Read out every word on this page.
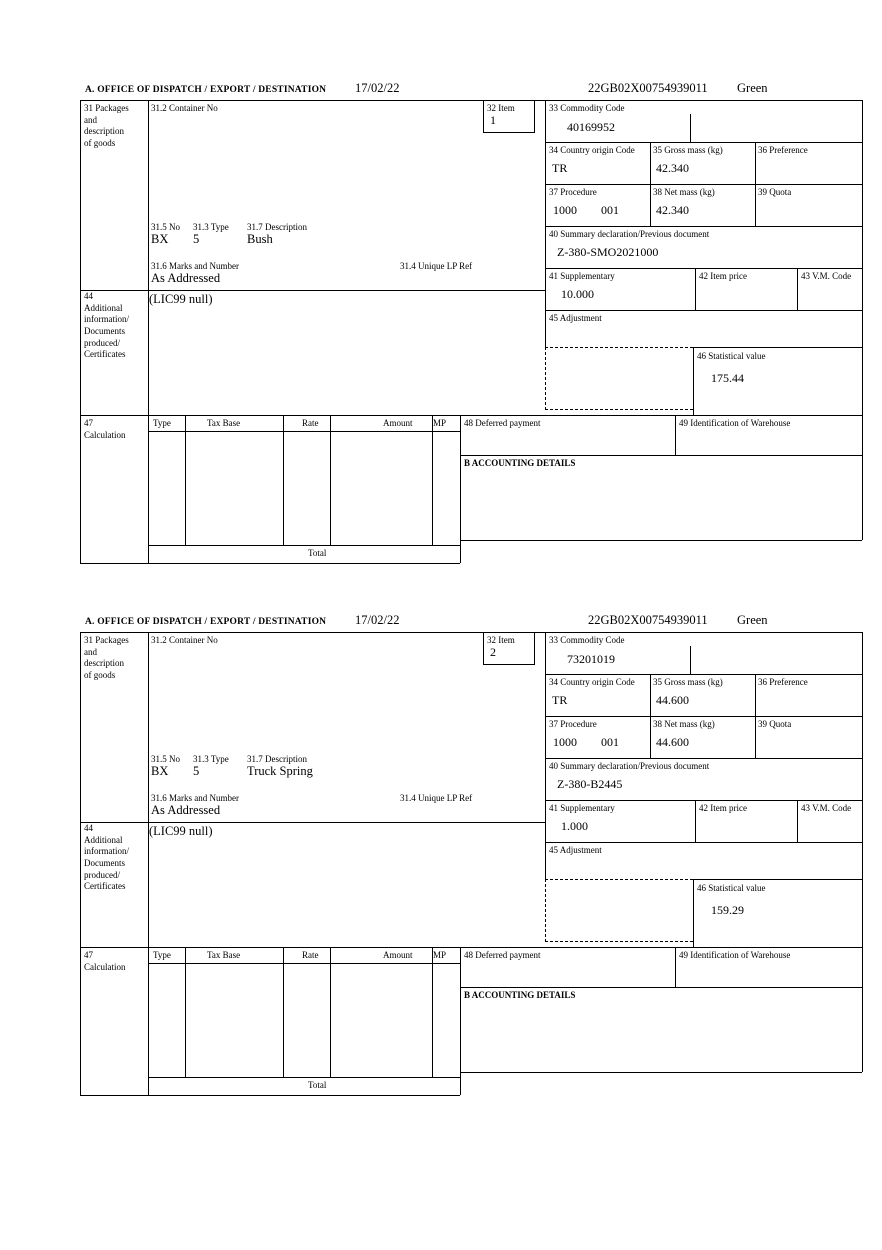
A. OFFICE OF DISPATCH / EXPORT / DESTINATION 17/02/22	22GB02X00754939011 Green
31 Packages
and
description
of goods
31.2 Container No	32 Item
1
31.5 No 31.3 Type 31.7 Description
BX 5	Bush
31.6 Marks and Number	31.4 Unique LP Ref
As Addressed
33 Commodity Code
40169952
34 Country origin Code
TR
35 Gross mass (kg)
42.340
36 Preference
37 Procedure
1000 001
38 Net mass (kg)
42.340
39 Quota
40 Summary declaration/Previous document
Z-380-SMO2021000
41 Supplementary
10.000
42 Item price	43 V.M. Code
45 Adjustment
46 Statistical value
175.44
44
Additional
information/
Documents
produced/
Certificates
(LIC99 null)
47
Calculation
Type	Tax Base	Rate	Amount MP
Total
48 Deferred payment	49 Identification of Warehouse
B ACCOUNTING DETAILS
A. OFFICE OF DISPATCH / EXPORT / DESTINATION 17/02/22	22GB02X00754939011 Green
31 Packages
and
description
of goods
31.2 Container No	32 Item
2
31.5 No 31.3 Type 31.7 Description
BX 5	Truck Spring
31.6 Marks and Number	31.4 Unique LP Ref
As Addressed
33 Commodity Code
73201019
34 Country origin Code
TR
35 Gross mass (kg)
44.600
36 Preference
37 Procedure
1000 001
38 Net mass (kg)
44.600
39 Quota
40 Summary declaration/Previous document
Z-380-B2445
41 Supplementary
1.000
42 Item price	43 V.M. Code
45 Adjustment
46 Statistical value
159.29
44
Additional
information/
Documents
produced/
Certificates
(LIC99 null)
47
Calculation
Type	Tax Base	Rate	Amount MP
Total
48 Deferred payment	49 Identification of Warehouse
B ACCOUNTING DETAILS
